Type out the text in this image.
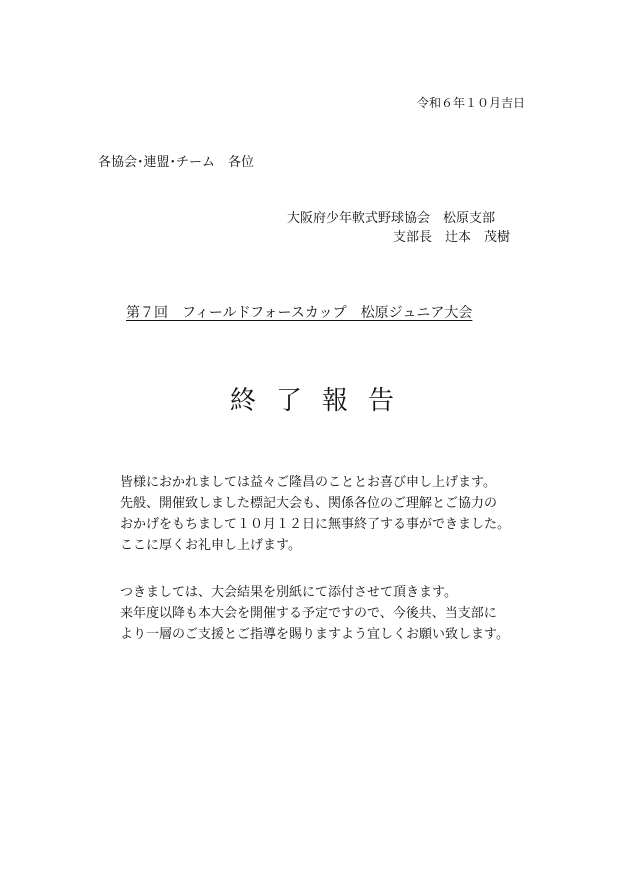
令和６年１０月吉日
各協会･連盟･チーム　各位
大阪府少年軟式野球協会　松原支部
支部長　辻本　茂樹
第７回　フィールドフォースカップ　松原ジュニア大会
終了報告
皆様におかれましては益々ご隆昌のこととお喜び申し上げます。
先般、開催致しました標記大会も、関係各位のご理解とご協力の
おかげをもちまして１０月１２日に無事終了する事ができました。
ここに厚くお礼申し上げます。
つきましては、大会結果を別紙にて添付させて頂きます。
来年度以降も本大会を開催する予定ですので、今後共、当支部に
より一層のご支援とご指導を賜りますよう宜しくお願い致します。
